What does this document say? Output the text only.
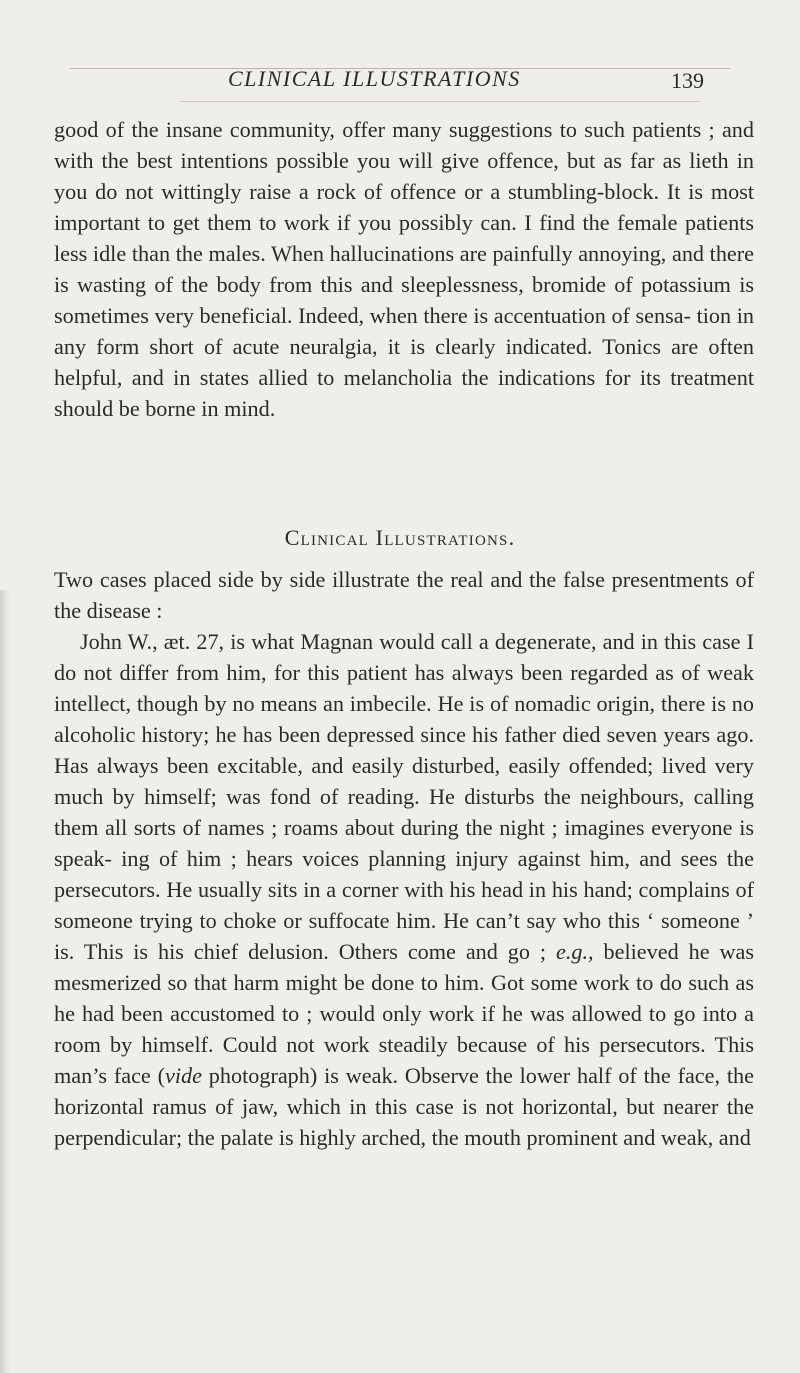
CLINICAL ILLUSTRATIONS	139

good of the insane community, offer many suggestions to such patients ; and with the best intentions possible you will give offence, but as far as lieth in you do not wittingly raise a rock of offence or a stumbling-block. It is most important to get them to work if you possibly can. I find the female patients less idle than the males. When hallucinations are painfully annoying, and there is wasting of the body from this and sleeplessness, bromide of potassium is sometimes very beneficial. Indeed, when there is accentuation of sensa- tion in any form short of acute neuralgia, it is clearly indicated. Tonics are often helpful, and in states allied to melancholia the indications for its treatment should be borne in mind.

Clinical Illustrations.

Two cases placed side by side illustrate the real and the false presentments of the disease :

John W., æt. 27, is what Magnan would call a degenerate, and in this case I do not differ from him, for this patient has always been regarded as of weak intellect, though by no means an imbecile. He is of nomadic origin, there is no alcoholic history; he has been depressed since his father died seven years ago. Has always been excitable, and easily disturbed, easily offended; lived very much by himself; was fond of reading. He disturbs the neighbours, calling them all sorts of names ; roams about during the night ; imagines everyone is speak- ing of him ; hears voices planning injury against him, and sees the persecutors. He usually sits in a corner with his head in his hand; complains of someone trying to choke or suffocate him. He can’t say who this ‘ someone ’ is. This is his chief delusion. Others come and go ; e.g., believed he was mesmerized so that harm might be done to him. Got some work to do such as he had been accustomed to ; would only work if he was allowed to go into a room by himself. Could not work steadily because of his persecutors. This man’s face (vide photograph) is weak. Observe the lower half of the face, the horizontal ramus of jaw, which in this case is not horizontal, but nearer the perpendicular; the palate is highly arched, the mouth prominent and weak, and
